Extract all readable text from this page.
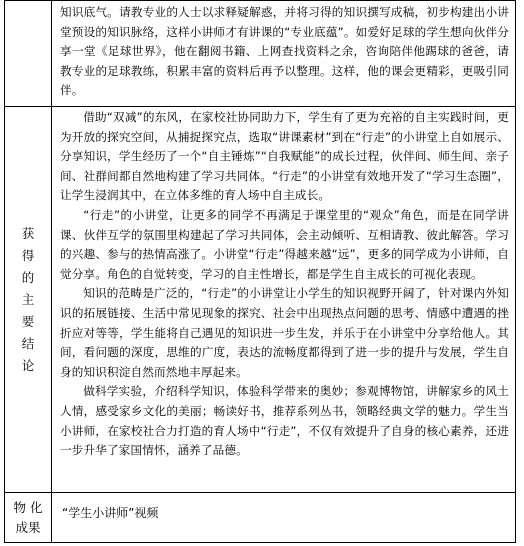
	知识底气。请教专业的人士以求释疑解惑，并将习得的知识撰写成稿，初步构建出小讲堂预设的知识脉络，这样小讲师才有讲课的“专业底蕴”。如爱好足球的学生想向伙伴分享一堂《足球世界》，他在翻阅书籍、上网查找资料之余，咨询陪伴他踢球的爸爸，请教专业的足球教练，积累丰富的资料后再予以整理。这样，他的课会更精彩，更吸引同伴。

获得的主要结论	借助“双减”的东风，在家校社协同助力下，学生有了更为充裕的自主实践时间，更为开放的探究空间，从捕捉探究点，选取“讲课素材”到在“行走”的小讲堂上自如展示、分享知识，学生经历了一个“自主锤炼”“自我赋能”的成长过程，伙伴间、师生间、亲子间、社群间都自然地构建了学习共同体。“行走”的小讲堂有效地开发了“学习生态圈”，让学生浸润其中，在立体多维的育人场中自主成长。

“行走”的小讲堂，让更多的同学不再满足于课堂里的“观众”角色，而是在同学讲课、伙伴互学的氛围里构建起了学习共同体，会主动倾听、互相请教、彼此解答。学习的兴趣、参与的热情高涨了。小讲堂“行走”得越来越“远”，更多的同学成为小讲师，自觉分享。角色的自觉转变，学习的自主性增长，都是学生自主成长的可视化表现。

知识的范畴是广泛的，“行走”的小讲堂让小学生的知识视野开阔了，针对课内外知识的拓展链接、生活中常见现象的探究、社会中出现热点问题的思考、情感中遭遇的挫折应对等等，学生能将自己遇见的知识进一步生发，并乐于在小讲堂中分享给他人。其间，看问题的深度，思维的广度，表达的流畅度都得到了进一步的提升与发展，学生自身的知识积淀自然而然地丰厚起来。

做科学实验，介绍科学知识，体验科学带来的奥妙；参观博物馆，讲解家乡的风土人情，感受家乡文化的美丽；畅读好书，推荐系列丛书，领略经典文学的魅力。学生当小讲师，在家校社合力打造的育人场中“行走”，不仅有效提升了自身的核心素养，还进一步升华了家国情怀，涵养了品德。

物 化
成果	“学生小讲师”视频
